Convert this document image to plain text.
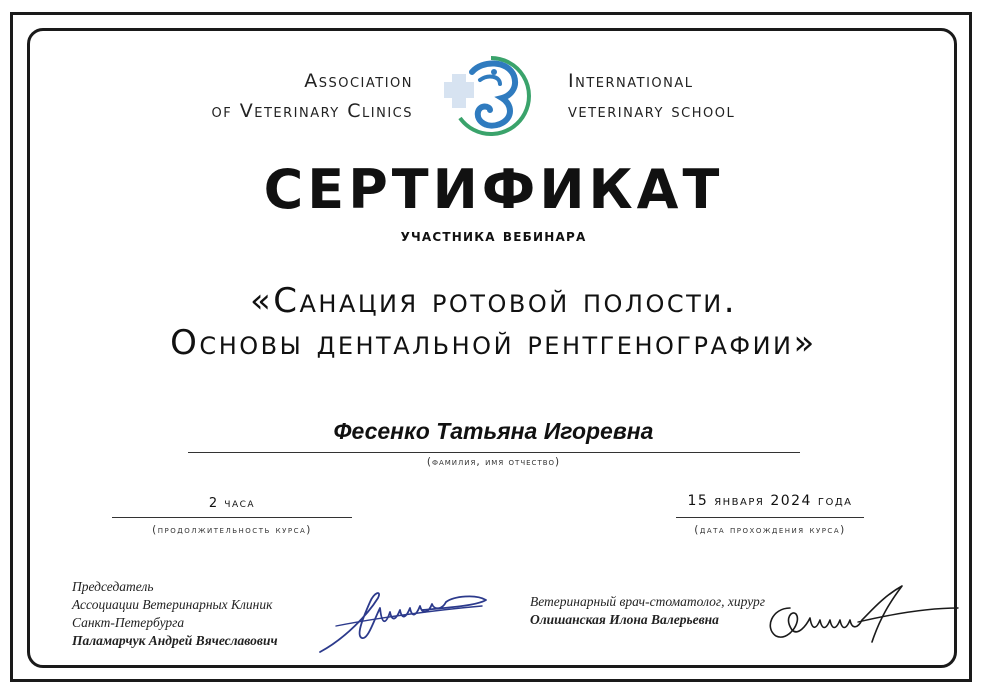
Association
of Veterinary Clinics
International
veterinary school
СЕРТИФИКАТ
участника вебинара
«Санация ротовой полости.
Основы дентальной рентгенографии»
Фесенко Татьяна Игоревна
(фамилия, имя отчество)
2 часа
(продолжительность курса)
15 января 2024 года
(дата прохождения курса)
Председатель
Ассоциации Ветеринарных Клиник
Санкт-Петербурга
Паламарчук Андрей Вячеславович
Ветеринарный врач-стоматолог, хирург
Олишанская Илона Валерьевна
